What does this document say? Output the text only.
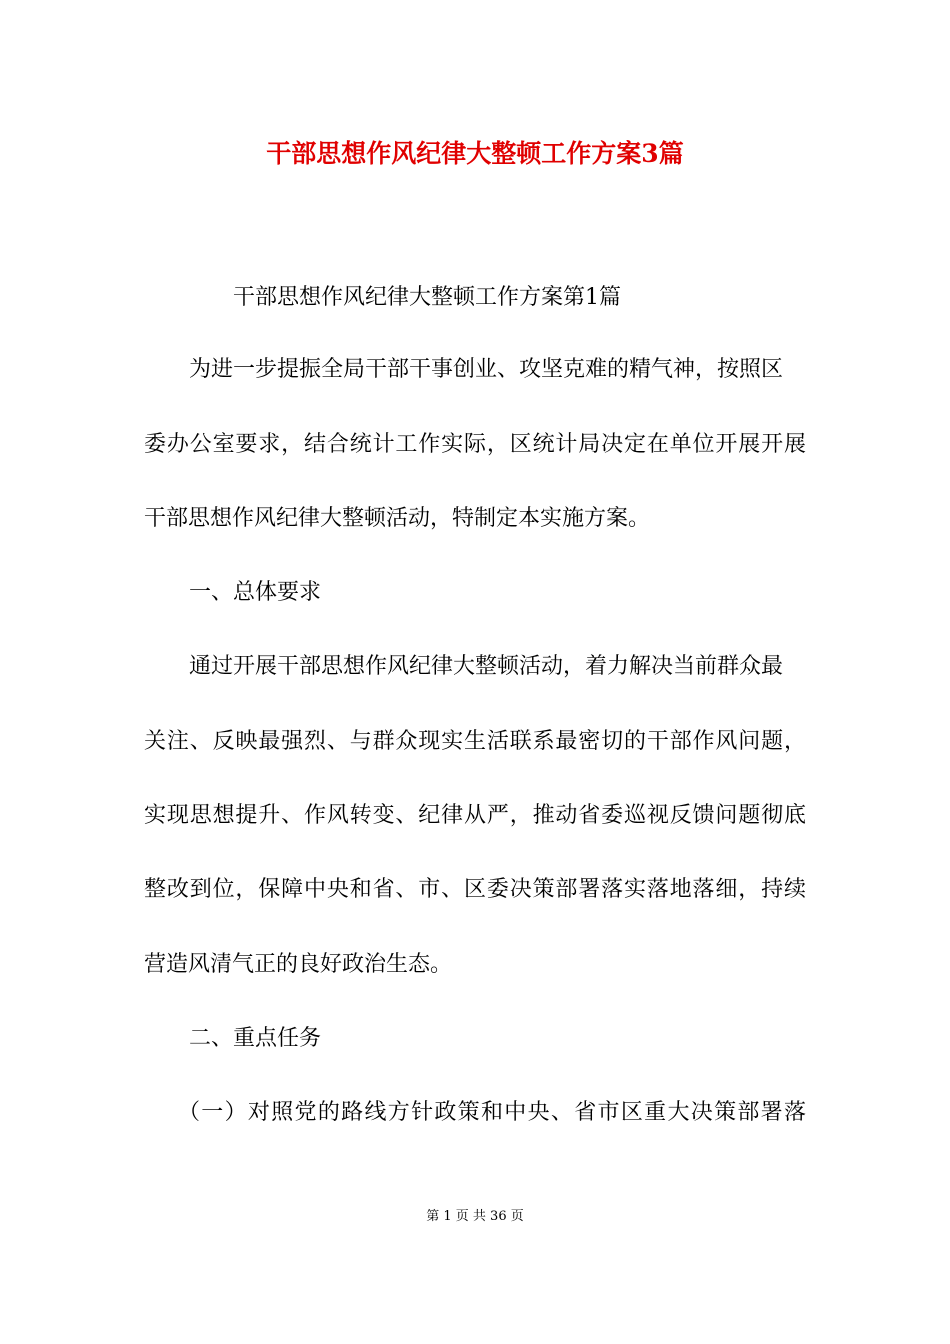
干部思想作风纪律大整顿工作方案3篇
干部思想作风纪律大整顿工作方案第1篇
为进一步提振全局干部干事创业、攻坚克难的精气神，按照区
委办公室要求，结合统计工作实际，区统计局决定在单位开展开展
干部思想作风纪律大整顿活动，特制定本实施方案。
一、总体要求
通过开展干部思想作风纪律大整顿活动，着力解决当前群众最
关注、反映最强烈、与群众现实生活联系最密切的干部作风问题，
实现思想提升、作风转变、纪律从严，推动省委巡视反馈问题彻底
整改到位，保障中央和省、市、区委决策部署落实落地落细，持续
营造风清气正的良好政治生态。
二、重点任务
（一）对照党的路线方针政策和中央、省市区重大决策部署落
第 1 页 共 36 页
